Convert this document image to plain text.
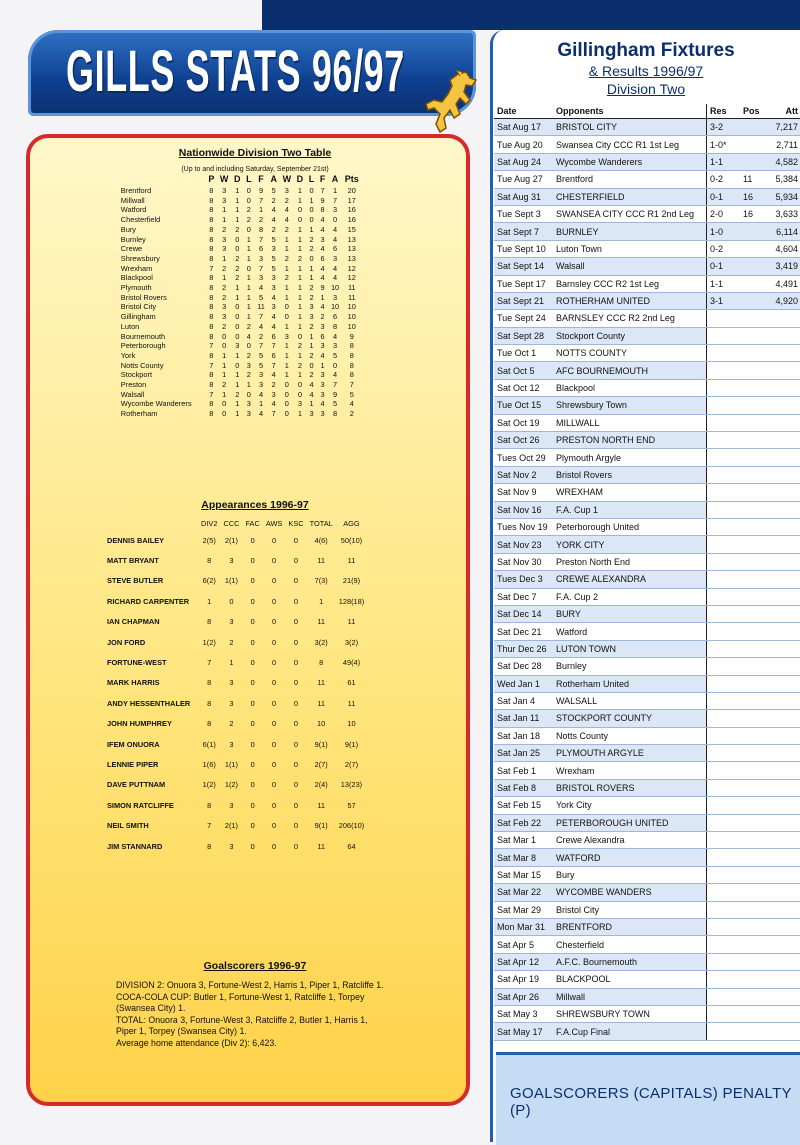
GILLS STATS 96/97
Nationwide Division Two Table
(Up to and including Saturday, September 21st)
	P	W	D	L	F	A	W	D	L	F	A	Pts
Brentford	8	3	1	0	9	5	3	1	0	7	1	20
Millwall	8	3	1	0	7	2	2	1	1	9	7	17
Watford	8	1	1	2	1	4	4	0	0	8	3	16
Chesterfield	8	1	1	2	2	4	4	0	0	4	0	16
Bury	8	2	2	0	8	2	2	1	1	4	4	15
Burnley	8	3	0	1	7	5	1	1	2	3	4	13
Crewe	8	3	0	1	6	3	1	1	2	4	6	13
Shrewsbury	8	1	2	1	3	5	2	2	0	6	3	13
Wrexham	7	2	2	0	7	5	1	1	1	4	4	12
Blackpool	8	1	2	1	3	3	2	1	1	4	4	12
Plymouth	8	2	1	1	4	3	1	1	2	9	10	11
Bristol Rovers	8	2	1	1	5	4	1	1	2	1	3	11
Bristol City	8	3	0	1	11	3	0	1	3	4	10	10
Gillingham	8	3	0	1	7	4	0	1	3	2	6	10
Luton	8	2	0	2	4	4	1	1	2	3	8	10
Bournemouth	8	0	0	4	2	6	3	0	1	6	4	9
Peterborough	7	0	3	0	7	7	1	2	1	3	3	8
York	8	1	1	2	5	6	1	1	2	4	5	8
Notts County	7	1	0	3	5	7	1	2	0	1	0	8
Stockport	8	1	1	2	3	4	1	1	2	3	4	8
Preston	8	2	1	1	3	2	0	0	4	3	7	7
Walsall	7	1	2	0	4	3	0	0	4	3	9	5
Wycombe Wanderers	8	0	1	3	1	4	0	3	1	4	5	4
Rotherham	8	0	1	3	4	7	0	1	3	3	8	2
Appearances 1996-97
	DIV2	CCC	FAC	AWS	KSC	TOTAL	AGG
DENNIS BAILEY	2(5)	2(1)	0	0	0	4(6)	50(10)
MATT BRYANT	8	3	0	0	0	11	11
STEVE BUTLER	6(2)	1(1)	0	0	0	7(3)	21(9)
RICHARD CARPENTER	1	0	0	0	0	1	128(18)
IAN CHAPMAN	8	3	0	0	0	11	11
JON FORD	1(2)	2	0	0	0	3(2)	3(2)
FORTUNE-WEST	7	1	0	0	0	8	49(4)
MARK HARRIS	8	3	0	0	0	11	61
ANDY HESSENTHALER	8	3	0	0	0	11	11
JOHN HUMPHREY	8	2	0	0	0	10	10
IFEM ONUORA	6(1)	3	0	0	0	9(1)	9(1)
LENNIE PIPER	1(6)	1(1)	0	0	0	2(7)	2(7)
DAVE PUTTNAM	1(2)	1(2)	0	0	0	2(4)	13(23)
SIMON RATCLIFFE	8	3	0	0	0	11	57
NEIL SMITH	7	2(1)	0	0	0	9(1)	206(10)
JIM STANNARD	8	3	0	0	0	11	64
Goalscorers 1996-97

DIVISION 2: Onuora 3, Fortune-West 2, Harris 1, Piper 1, Ratcliffe 1.

COCA-COLA CUP: Butler 1, Fortune-West 1, Ratcliffe 1, Torpey (Swansea City) 1.

TOTAL: Onuora 3, Fortune-West 3, Ratcliffe 2, Butler 1, Harris 1, Piper 1, Torpey (Swansea City) 1.

Average home attendance (Div 2): 6,423.

Gillingham Fixtures
& Results 1996/97
Division Two
Date	Opponents	Res	Pos	Att
Sat Aug 17	BRISTOL CITY	3-2		7,217
Tue Aug 20	Swansea City CCC R1 1st Leg	1-0*		2,711
Sat Aug 24	Wycombe Wanderers	1-1		4,582
Tue Aug 27	Brentford	0-2	11	5,384
Sat Aug 31	CHESTERFIELD	0-1	16	5,934
Tue Sept 3	SWANSEA CITY CCC R1 2nd Leg	2-0	16	3,633
Sat Sept 7	BURNLEY	1-0		6,114
Tue Sept 10	Luton Town	0-2		4,604
Sat Sept 14	Walsall	0-1		3,419
Tue Sept 17	Barnsley CCC R2 1st Leg	1-1		4,491
Sat Sept 21	ROTHERHAM UNITED	3-1		4,920
Tue Sept 24	BARNSLEY CCC R2 2nd Leg			
Sat Sept 28	Stockport County			
Tue Oct 1	NOTTS COUNTY			
Sat Oct 5	AFC BOURNEMOUTH			
Sat Oct 12	Blackpool			
Tue Oct 15	Shrewsbury Town			
Sat Oct 19	MILLWALL			
Sat Oct 26	PRESTON NORTH END			
Tues Oct 29	Plymouth Argyle			
Sat Nov 2	Bristol Rovers			
Sat Nov 9	WREXHAM			
Sat Nov 16	F.A. Cup 1			
Tues Nov 19	Peterborough United			
Sat Nov 23	YORK CITY			
Sat Nov 30	Preston North End			
Tues Dec 3	CREWE ALEXANDRA			
Sat Dec 7	F.A. Cup 2			
Sat Dec 14	BURY			
Sat Dec 21	Watford			
Thur Dec 26	LUTON TOWN			
Sat Dec 28	Burnley			
Wed Jan 1	Rotherham United			
Sat Jan 4	WALSALL			
Sat Jan 11	STOCKPORT COUNTY			
Sat Jan 18	Notts County			
Sat Jan 25	PLYMOUTH ARGYLE			
Sat Feb 1	Wrexham			
Sat Feb 8	BRISTOL ROVERS			
Sat Feb 15	York City			
Sat Feb 22	PETERBOROUGH UNITED			
Sat Mar 1	Crewe Alexandra			
Sat Mar 8	WATFORD			
Sat Mar 15	Bury			
Sat Mar 22	WYCOMBE WANDERS			
Sat Mar 29	Bristol City			
Mon Mar 31	BRENTFORD			
Sat Apr 5	Chesterfield			
Sat Apr 12	A.F.C. Bournemouth			
Sat Apr 19	BLACKPOOL			
Sat Apr 26	Millwall			
Sat May 3	SHREWSBURY TOWN			
Sat May 17	F.A.Cup Final			
GOALSCORERS (CAPITALS) PENALTY (P)
